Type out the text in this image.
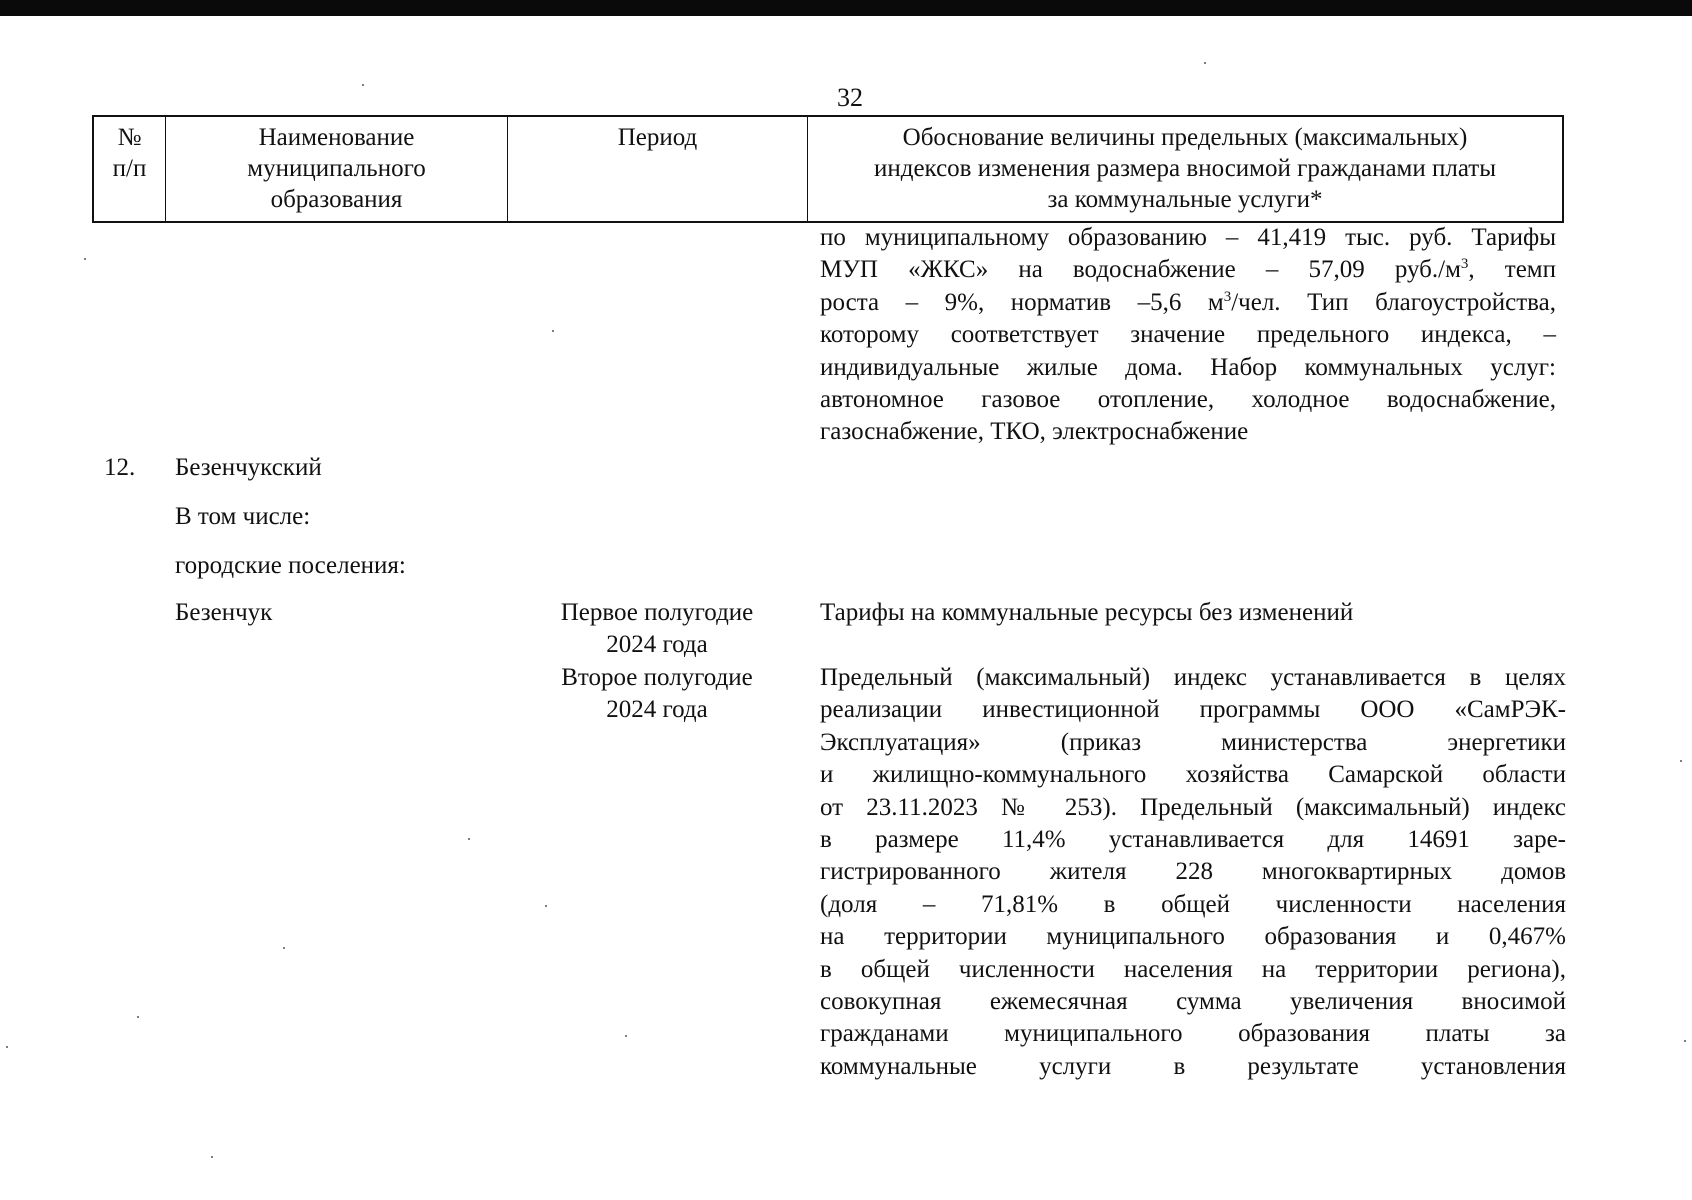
32
№
п/п
Наименование
муниципального
образования
Период	Обоснование величины предельных (максимальных)
индексов изменения размера вносимой гражданами платы
за коммунальные услуги*
по муниципальному образованию – 41,419 тыс. руб. Тарифы
МУП «ЖКС» на водоснабжение – 57,09 $руб./м^3$, темп
роста – 9%, норматив –5,6 $м^3$/чел. Тип благоустройства,
которому соответствует значение предельного индекса, –
индивидуальные жилые дома. Набор коммунальных услуг:
автономное газовое отопление, холодное водоснабжение,
газоснабжение, ТКО, электроснабжение
12. Безенчукский
В том числе:
городские поселения:
Безенчук	Первое полугодие
2024 года
Тарифы на коммунальные ресурсы без изменений
Второе полугодие
2024 года
Предельный (максимальный) индекс устанавливается в целях
реализации инвестиционной программы ООО «СамРЭК-
Эксплуатация» (приказ министерства энергетики
и жилищно-коммунального хозяйства Самарской области
от 23.11.2023 № 253). Предельный (максимальный) индекс
в размере 11,4% устанавливается для 14691 заре-
гистрированного жителя 228 многоквартирных домов
(доля – 71,81% в общей численности населения
на территории муниципального образования и 0,467%
в общей численности населения на территории региона),
совокупная ежемесячная сумма увеличения вносимой
гражданами муниципального образования платы за
коммунальные услуги в результате установления
